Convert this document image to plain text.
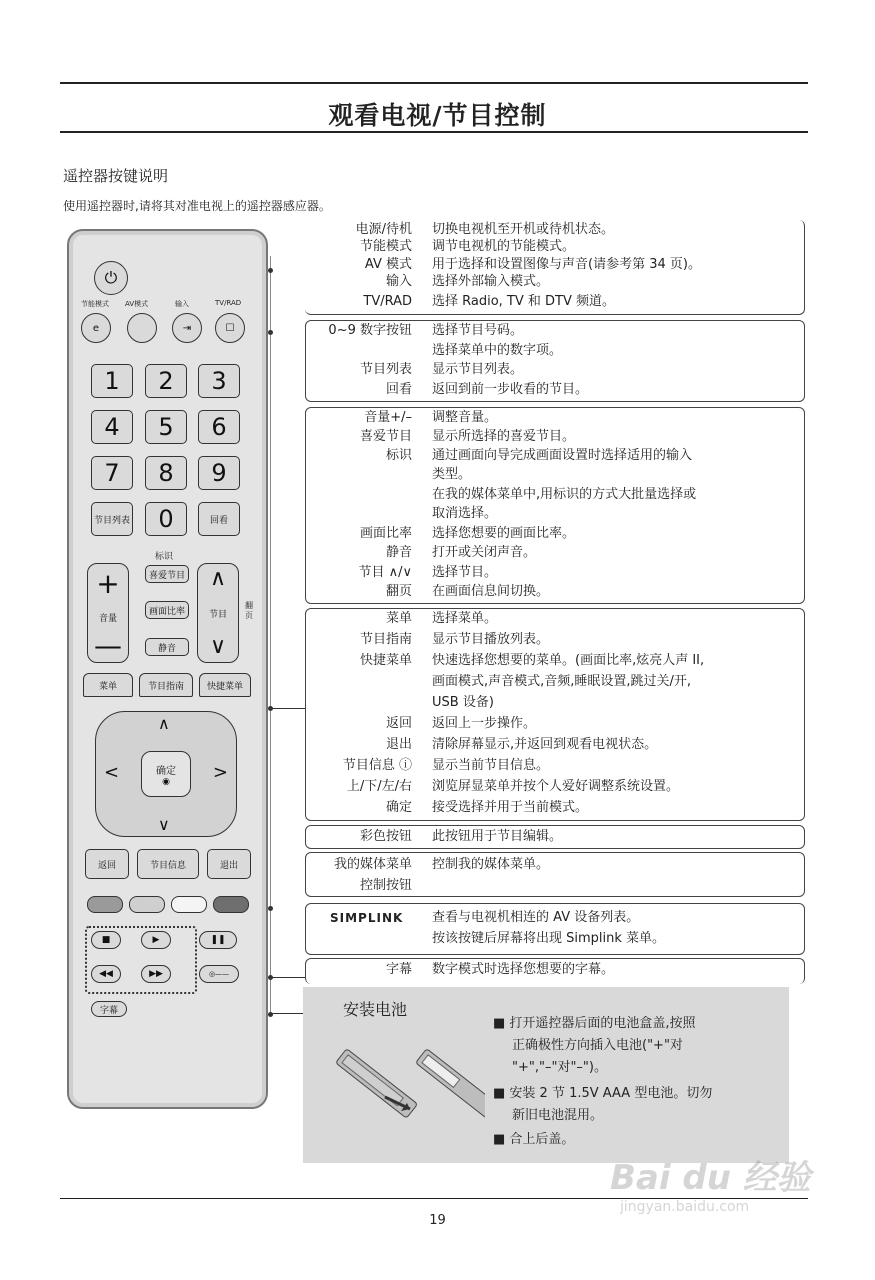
观看电视/节目控制
遥控器按键说明
使用遥控器时,请将其对准电视上的遥控器感应器。
⏻
节能模式 AV模式	输入	TV/RAD
e	⇥	☐
1	2	3
4	5	6
7	8	9
节目列表	0	回看
标识
+
音量
—
喜爱节目
画面比率
静音
∧
节目
∨
翻页
菜单	节目指南	快捷菜单
∧
∨
<	>
确定
◉
返回	节目信息	退出
■	▶	❚❚
◀◀	▶▶	◎——
字幕
电源/待机 切换电视机至开机或待机状态。
节能模式 调节电视机的节能模式。
AV 模式 用于选择和设置图像与声音(请参考第 34 页)。
输入 选择外部输入模式。
TV/RAD 选择 Radio, TV 和 DTV 频道。
0~9 数字按钮 选择节目号码。
选择菜单中的数字项。
节目列表 显示节目列表。
回看 返回到前一步收看的节目。
音量+/– 调整音量。
喜爱节目 显示所选择的喜爱节目。
标识 通过画面向导完成画面设置时选择适用的输入
类型。
在我的媒体菜单中,用标识的方式大批量选择或
取消选择。
画面比率 选择您想要的画面比率。
静音 打开或关闭声音。
节目 ∧/∨ 选择节目。
翻页 在画面信息间切换。
菜单 选择菜单。
节目指南 显示节目播放列表。
快捷菜单 快速选择您想要的菜单。(画面比率,炫亮人声 II,
画面模式,声音模式,音频,睡眠设置,跳过关/开,
USB 设备)
返回 返回上一步操作。
退出 清除屏幕显示,并返回到观看电视状态。
节目信息 ⓘ 显示当前节目信息。
上/下/左/右 浏览屏显菜单并按个人爱好调整系统设置。
确定 接受选择并用于当前模式。
彩色按钮 此按钮用于节目编辑。
我的媒体菜单 控制我的媒体菜单。
控制按钮
SIMPLINK 查看与电视机相连的 AV 设备列表。
按该按键后屏幕将出现 Simplink 菜单。
字幕 数字模式时选择您想要的字幕。
安装电池
■ 打开遥控器后面的电池盒盖,按照
正确极性方向插入电池("+"对
"+","–"对"–")。
■ 安装 2 节 1.5V AAA 型电池。切勿
新旧电池混用。
■ 合上后盖。
19
Bai du 经验
jingyan.baidu.com
